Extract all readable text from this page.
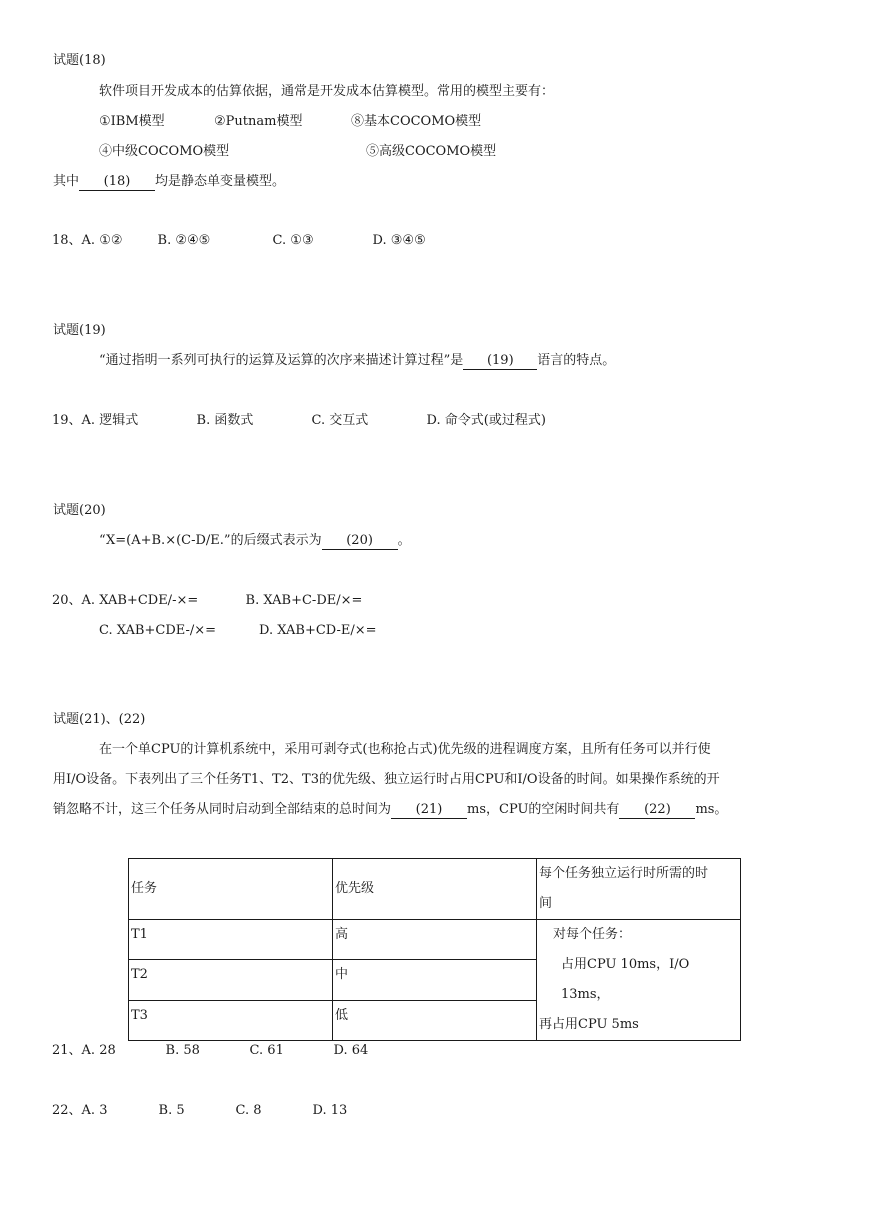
试题(18)
软件项目开发成本的估算依据，通常是开发成本估算模型。常用的模型主要有：
①IBM模型	②Putnam模型	⑧基本COCOMO模型
④中级COCOMO模型	⑤高级COCOMO模型
其中 (18) 均是静态单变量模型。
18、A. ①②	B. ②④⑤	C. ①③	D. ③④⑤
试题(19)
“通过指明一系列可执行的运算及运算的次序来描述计算过程”是 (19) 语言的特点。
19、A. 逻辑式	B. 函数式	C. 交互式	D. 命令式(或过程式)
试题(20)
“X=(A+B.×(C-D/E.”的后缀式表示为 (20) 。
20、A. XAB+CDE/-×=	B. XAB+C-DE/×=
C. XAB+CDE-/×=	D. XAB+CD-E/×=
试题(21)、(22)
在一个单CPU的计算机系统中，采用可剥夺式(也称抢占式)优先级的进程调度方案，且所有任务可以并行使
用I/O设备。下表列出了三个任务T1、T2、T3的优先级、独立运行时占用CPU和I/O设备的时间。如果操作系统的开
销忽略不计，这三个任务从同时启动到全部结束的总时间为 (21) ms，CPU的空闲时间共有 (22) ms。
任务	优先级	每个任务独立运行时所需的时
间

T1	高	对每个任务：
占用CPU 10ms，I/O 13ms，
再占用CPU 5ms

T2	中	
T3	低	
21、A. 28	B. 58	C. 61	D. 64
22、A. 3	B. 5	C. 8	D. 13
